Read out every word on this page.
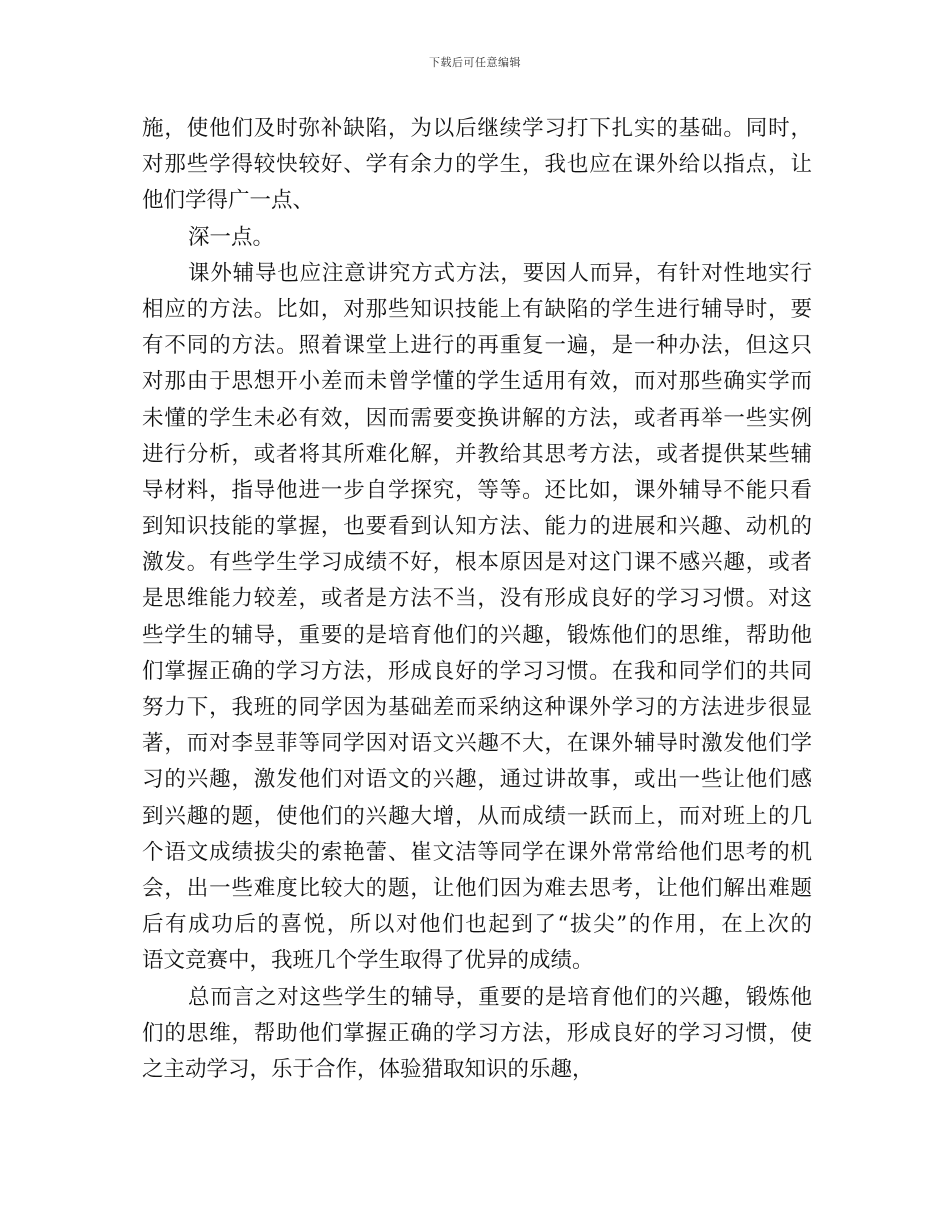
下载后可任意编辑
施，使他们及时弥补缺陷，为以后继续学习打下扎实的基础。同时，
对那些学得较快较好、学有余力的学生，我也应在课外给以指点，让
他们学得广一点、
深一点。
课外辅导也应注意讲究方式方法，要因人而异，有针对性地实行
相应的方法。比如，对那些知识技能上有缺陷的学生进行辅导时，要
有不同的方法。照着课堂上进行的再重复一遍，是一种办法，但这只
对那由于思想开小差而未曾学懂的学生适用有效，而对那些确实学而
未懂的学生未必有效，因而需要变换讲解的方法，或者再举一些实例
进行分析，或者将其所难化解，并教给其思考方法，或者提供某些辅
导材料，指导他进一步自学探究，等等。还比如，课外辅导不能只看
到知识技能的掌握，也要看到认知方法、能力的进展和兴趣、动机的
激发。有些学生学习成绩不好，根本原因是对这门课不感兴趣，或者
是思维能力较差，或者是方法不当，没有形成良好的学习习惯。对这
些学生的辅导，重要的是培育他们的兴趣，锻炼他们的思维，帮助他
们掌握正确的学习方法，形成良好的学习习惯。在我和同学们的共同
努力下，我班的同学因为基础差而采纳这种课外学习的方法进步很显
著，而对李昱菲等同学因对语文兴趣不大，在课外辅导时激发他们学
习的兴趣，激发他们对语文的兴趣，通过讲故事，或出一些让他们感
到兴趣的题，使他们的兴趣大增，从而成绩一跃而上，而对班上的几
个语文成绩拔尖的索艳蕾、崔文洁等同学在课外常常给他们思考的机
会，出一些难度比较大的题，让他们因为难去思考，让他们解出难题
后有成功后的喜悦，所以对他们也起到了“拔尖”的作用，在上次的
语文竞赛中，我班几个学生取得了优异的成绩。
总而言之对这些学生的辅导，重要的是培育他们的兴趣，锻炼他
们的思维，帮助他们掌握正确的学习方法，形成良好的学习习惯，使
之主动学习，乐于合作，体验猎取知识的乐趣，
